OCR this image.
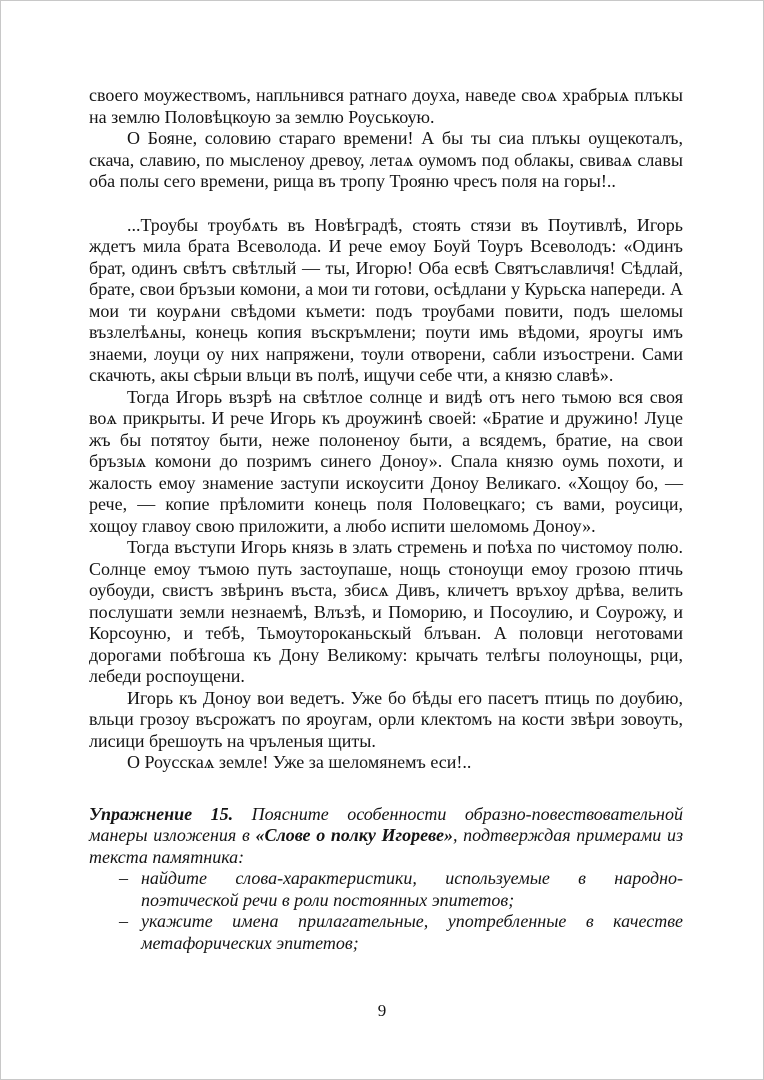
своего моужествомъ, напльнився ратнаго доуха, наведе своѧ храбрыѧ плъкы на землю Половѣцкоую за землю Роуськоую.

О Бояне, соловию стараго времени! А бы ты сиа плъкы оущекоталъ, скача, славию, по мысленоу древоу, летаѧ оумомъ под облакы, свиваѧ славы оба полы сего времени, рища въ тропу Трояню чресъ поля на горы!..

...Троубы троубѧть въ Новѣградѣ, стоять стязи въ Поутивлѣ, Игорь ждетъ мила брата Всеволода. И рече емоу Боуй Тоуръ Всеволодъ: «Одинъ брат, одинъ свѣтъ свѣтлый — ты, Игорю! Оба есвѣ Святъславличя! Сѣдлай, брате, свои бръзыи комони, а мои ти готови, осѣдлани у Курьска напереди. А мои ти коурѧни свѣдоми къмети: подъ троубами повити, подъ шеломы възлелѣѧны, конець копия въскръмлени; поути имь вѣдоми, яроугы имъ знаеми, лоуци оу них напряжени, тоули отворени, сабли изъострени. Сами скачють, акы сѣрыи вльци въ полѣ, ищучи себе чти, а князю славѣ».

Тогда Игорь възрѣ на свѣтлое солнце и видѣ отъ него тьмою вся своя воѧ прикрыты. И рече Игорь къ дроужинѣ своей: «Братие и дружино! Луце жъ бы потятоу быти, неже полоненоу быти, а всядемъ, братие, на свои бръзыѧ комони до позримъ синего Доноу». Спала князю оумь похоти, и жалость емоу знамение заступи искоусити Доноу Великаго. «Хощоу бо, — рече, — копие прѣломити конець поля Половецкаго; съ вами, роусици, хощоу главоу свою приложити, а любо испити шеломомь Доноу».

Тогда въступи Игорь князь в злать стремень и поѣха по чистомоу полю. Солнце емоу тъмою путь застоупаше, нощь стоноущи емоу грозою птичь оубоуди, свистъ звѣринъ въста, збисѧ Дивъ, кличетъ връхоу дрѣва, велить послушати земли незнаемѣ, Влъзѣ, и Поморию, и Посоулию, и Соурожу, и Корсоуню, и тебѣ, Тьмоутороканьскый блъван. А половци неготовами дорогами побѣгоша къ Дону Великому: крычать телѣгы полоунощы, рци, лебеди роспоущени.

Игорь къ Доноу вои ведетъ. Уже бо бѣды его пасетъ птиць по доубию, вльци грозоу въсрожатъ по яроугам, орли клектомъ на кости звѣри зовоуть, лисици брешоуть на чръленыя щиты.

О Роусскаѧ земле! Уже за шеломянемъ еси!..

Упражнение 15. Поясните особенности образно-повествовательной манеры изложения в «Слове о полку Игореве», подтверждая примерами из текста памятника:

– найдите слова-характеристики, используемые в народно-поэтической речи в роли постоянных эпитетов;
– укажите имена прилагательные, употребленные в качестве метафорических эпитетов;
9
